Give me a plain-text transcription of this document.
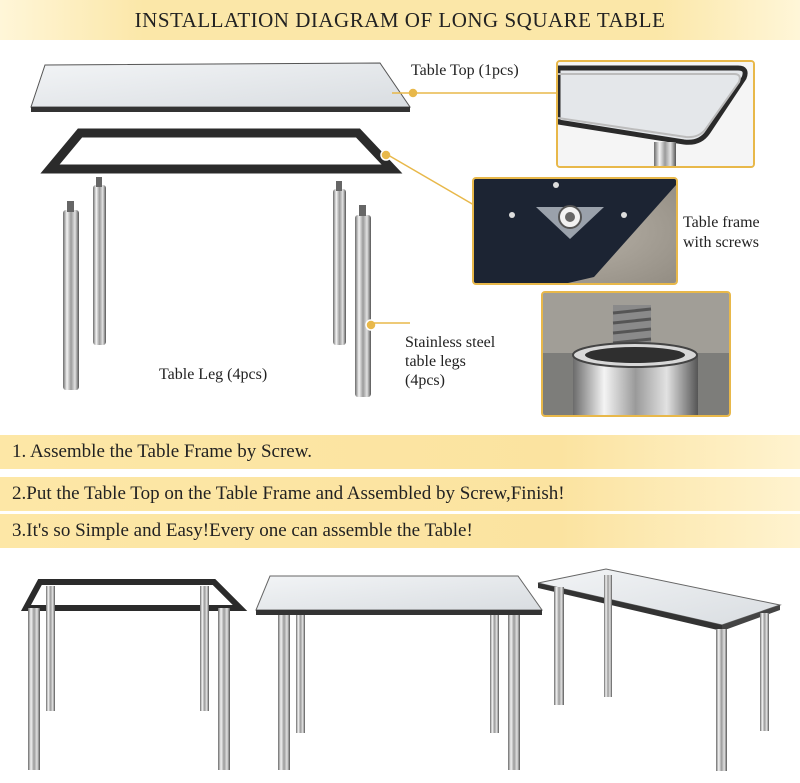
INSTALLATION DIAGRAM OF LONG SQUARE TABLE
Table Top (1pcs)
Table frame
with screws
Stainless steel
table legs
(4pcs)
Table Leg (4pcs)
1. Assemble the Table Frame by Screw.
2.Put the Table Top on the Table Frame and Assembled by Screw,Finish!
3.It's so Simple and Easy!Every one can assemble the Table!
